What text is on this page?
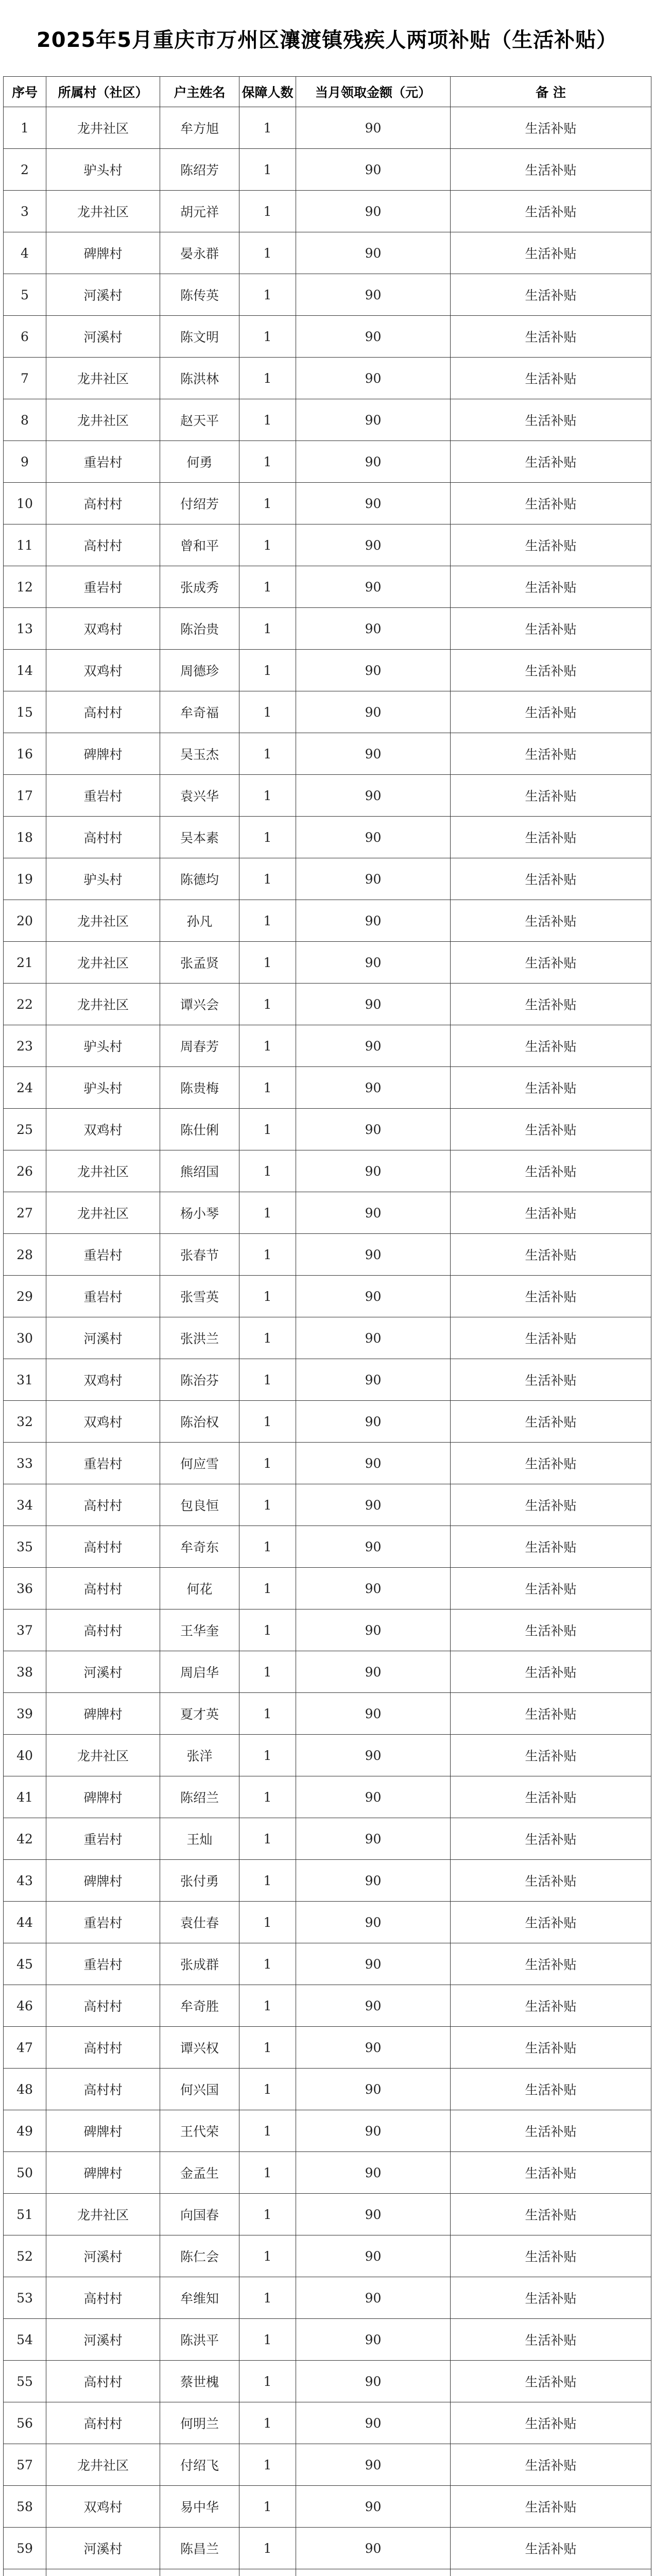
2025年5月重庆市万州区瀼渡镇残疾人两项补贴（生活补贴）
序号	所属村（社区）	户主姓名	保障人数	当月领取金额（元）	备 注
1	龙井社区	牟方旭	1	90	生活补贴
2	驴头村	陈绍芳	1	90	生活补贴
3	龙井社区	胡元祥	1	90	生活补贴
4	碑牌村	晏永群	1	90	生活补贴
5	河溪村	陈传英	1	90	生活补贴
6	河溪村	陈文明	1	90	生活补贴
7	龙井社区	陈洪林	1	90	生活补贴
8	龙井社区	赵天平	1	90	生活补贴
9	重岩村	何勇	1	90	生活补贴
10	高村村	付绍芳	1	90	生活补贴
11	高村村	曾和平	1	90	生活补贴
12	重岩村	张成秀	1	90	生活补贴
13	双鸡村	陈治贵	1	90	生活补贴
14	双鸡村	周德珍	1	90	生活补贴
15	高村村	牟奇福	1	90	生活补贴
16	碑牌村	吴玉杰	1	90	生活补贴
17	重岩村	袁兴华	1	90	生活补贴
18	高村村	吴本素	1	90	生活补贴
19	驴头村	陈德均	1	90	生活补贴
20	龙井社区	孙凡	1	90	生活补贴
21	龙井社区	张孟贤	1	90	生活补贴
22	龙井社区	谭兴会	1	90	生活补贴
23	驴头村	周春芳	1	90	生活补贴
24	驴头村	陈贵梅	1	90	生活补贴
25	双鸡村	陈仕俐	1	90	生活补贴
26	龙井社区	熊绍国	1	90	生活补贴
27	龙井社区	杨小琴	1	90	生活补贴
28	重岩村	张春节	1	90	生活补贴
29	重岩村	张雪英	1	90	生活补贴
30	河溪村	张洪兰	1	90	生活补贴
31	双鸡村	陈治芬	1	90	生活补贴
32	双鸡村	陈治权	1	90	生活补贴
33	重岩村	何应雪	1	90	生活补贴
34	高村村	包良恒	1	90	生活补贴
35	高村村	牟奇东	1	90	生活补贴
36	高村村	何花	1	90	生活补贴
37	高村村	王华奎	1	90	生活补贴
38	河溪村	周启华	1	90	生活补贴
39	碑牌村	夏才英	1	90	生活补贴
40	龙井社区	张洋	1	90	生活补贴
41	碑牌村	陈绍兰	1	90	生活补贴
42	重岩村	王灿	1	90	生活补贴
43	碑牌村	张付勇	1	90	生活补贴
44	重岩村	袁仕春	1	90	生活补贴
45	重岩村	张成群	1	90	生活补贴
46	高村村	牟奇胜	1	90	生活补贴
47	高村村	谭兴权	1	90	生活补贴
48	高村村	何兴国	1	90	生活补贴
49	碑牌村	王代荣	1	90	生活补贴
50	碑牌村	金孟生	1	90	生活补贴
51	龙井社区	向国春	1	90	生活补贴
52	河溪村	陈仁会	1	90	生活补贴
53	高村村	牟维知	1	90	生活补贴
54	河溪村	陈洪平	1	90	生活补贴
55	高村村	蔡世槐	1	90	生活补贴
56	高村村	何明兰	1	90	生活补贴
57	龙井社区	付绍飞	1	90	生活补贴
58	双鸡村	易中华	1	90	生活补贴
59	河溪村	陈昌兰	1	90	生活补贴
